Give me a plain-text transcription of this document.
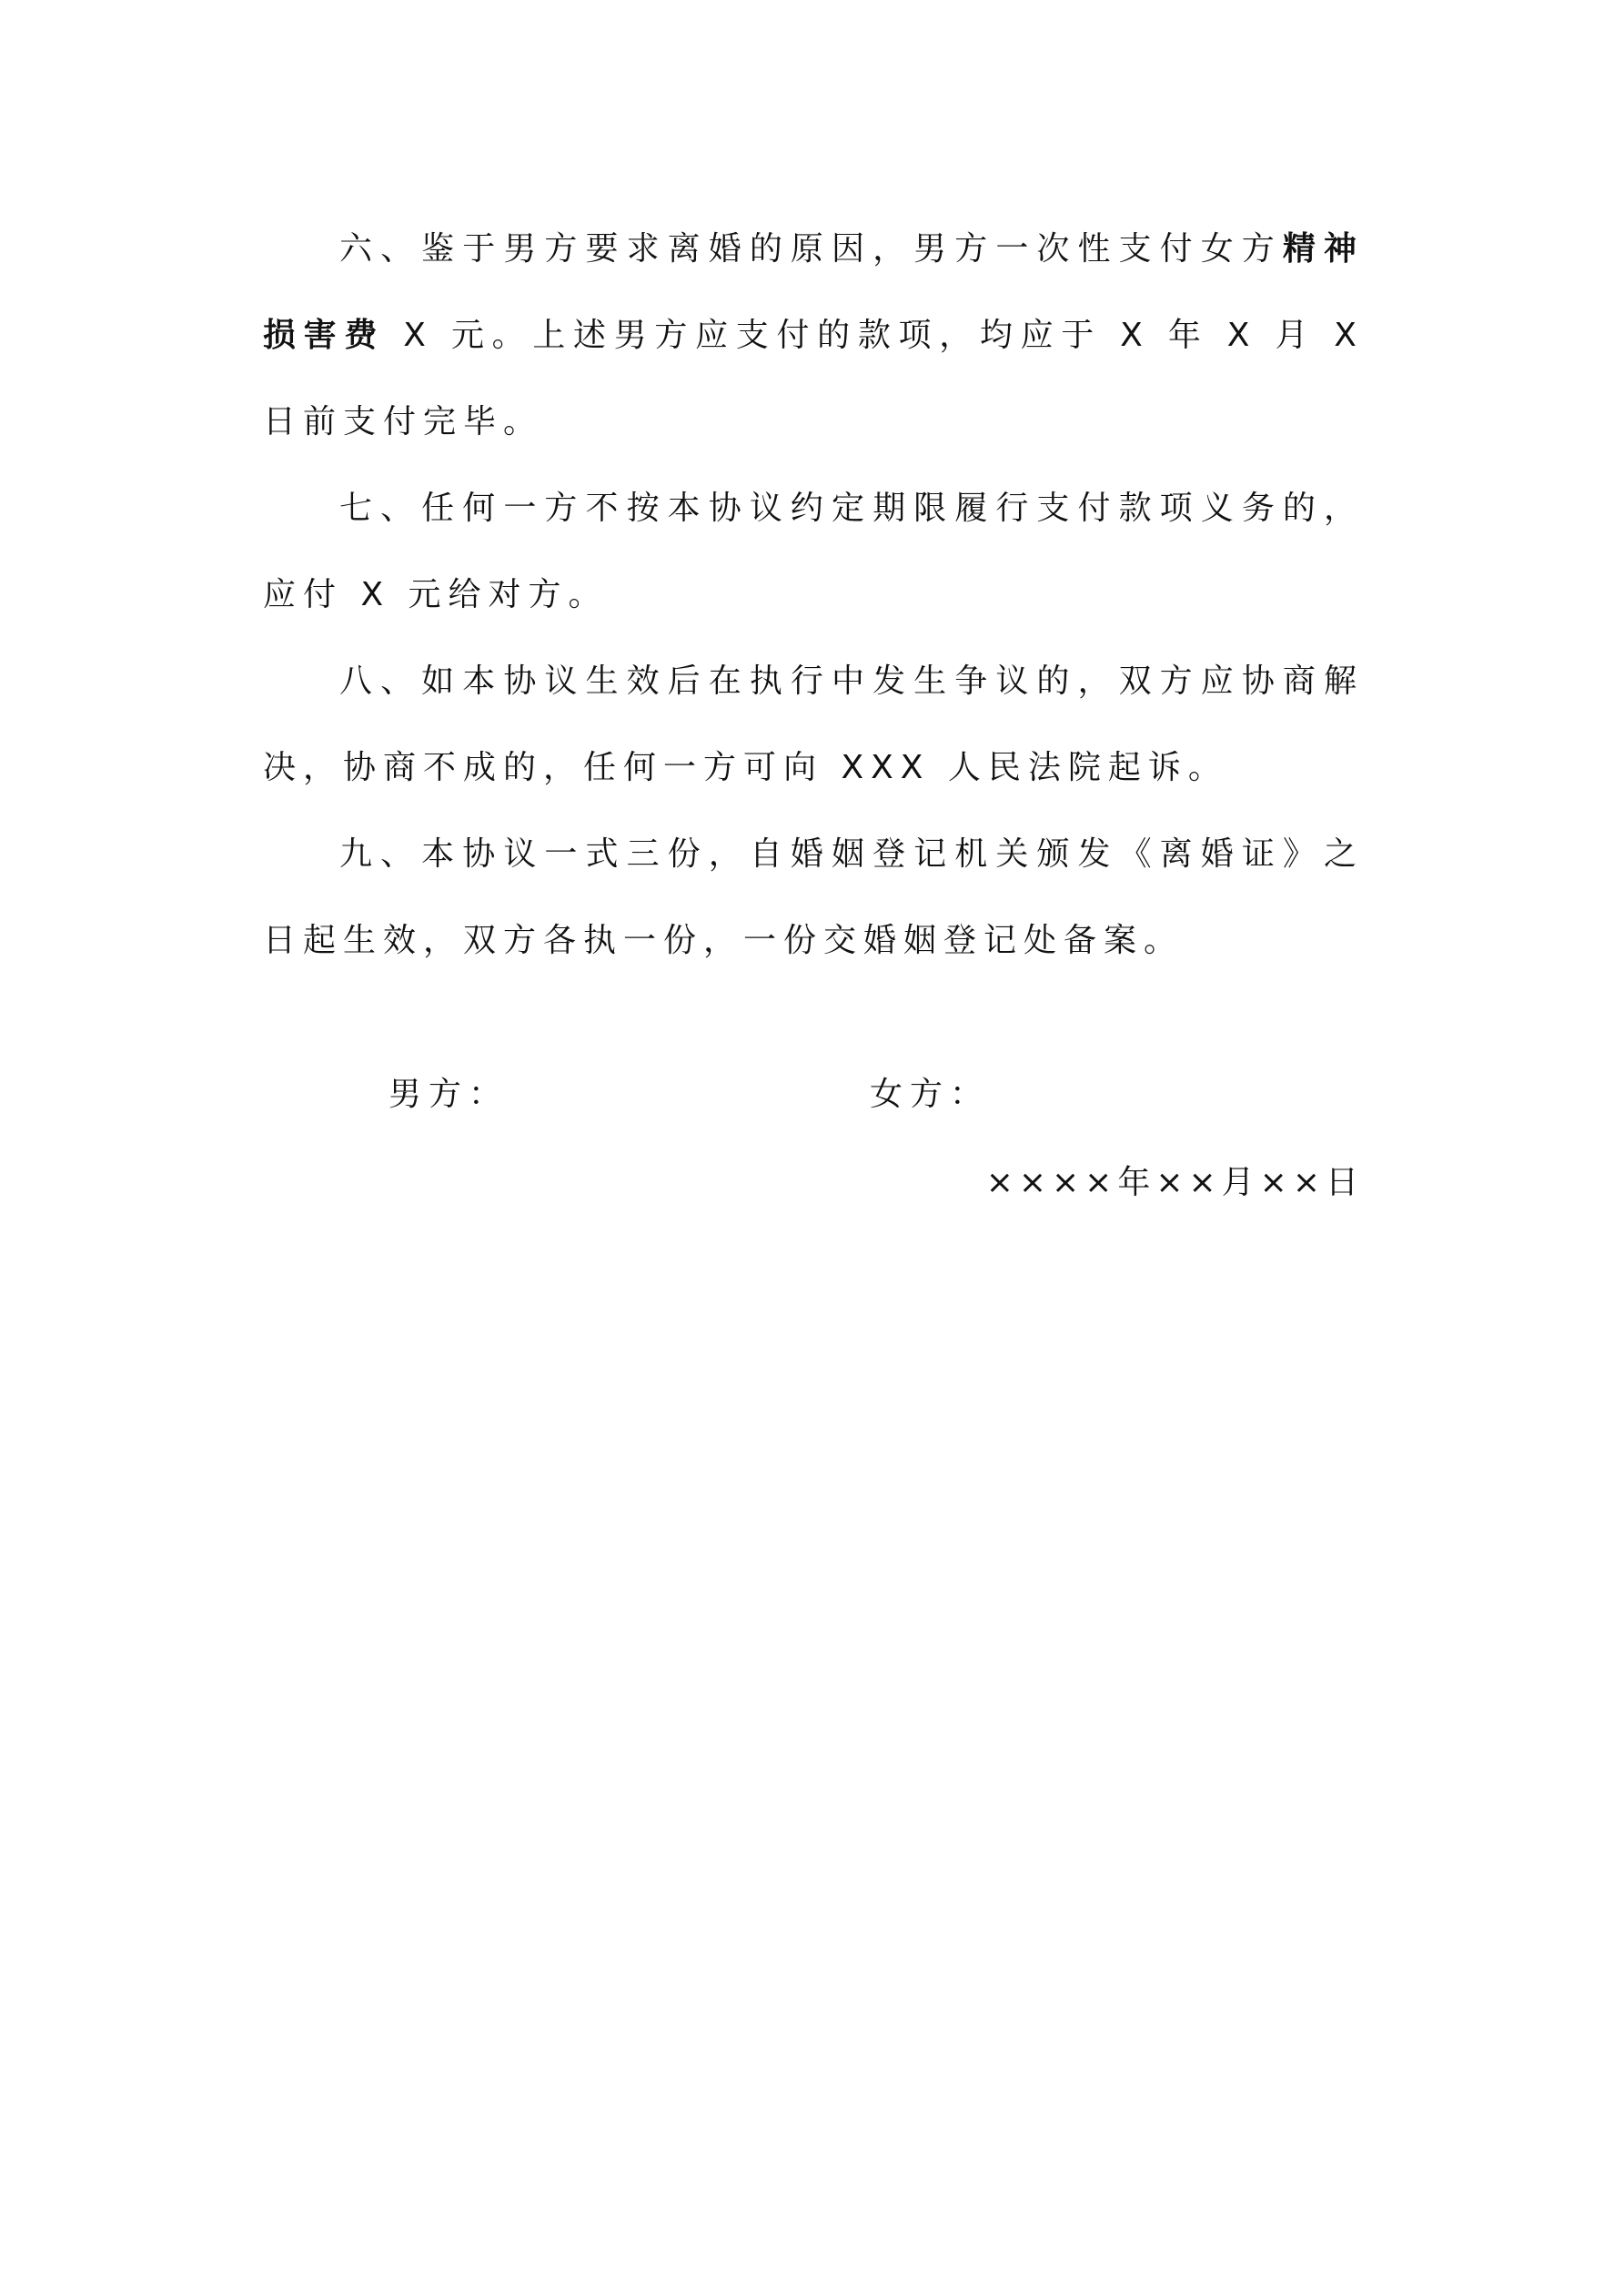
六、鉴于男方要求离婚的原因，男方一次性支付女方精神损害费 X 元。上述男方应支付的款项，均应于 X 年 X 月 X 日前支付完毕。

七、任何一方不按本协议约定期限履行支付款项义务的，应付 X 元给对方。

八、如本协议生效后在执行中发生争议的，双方应协商解决，协商不成的，任何一方可向 XXX 人民法院起诉。

九、本协议一式三份，自婚姻登记机关颁发《离婚证》之日起生效，双方各执一份，一份交婚姻登记处备案。

男方：	女方：
××××年××月××日
